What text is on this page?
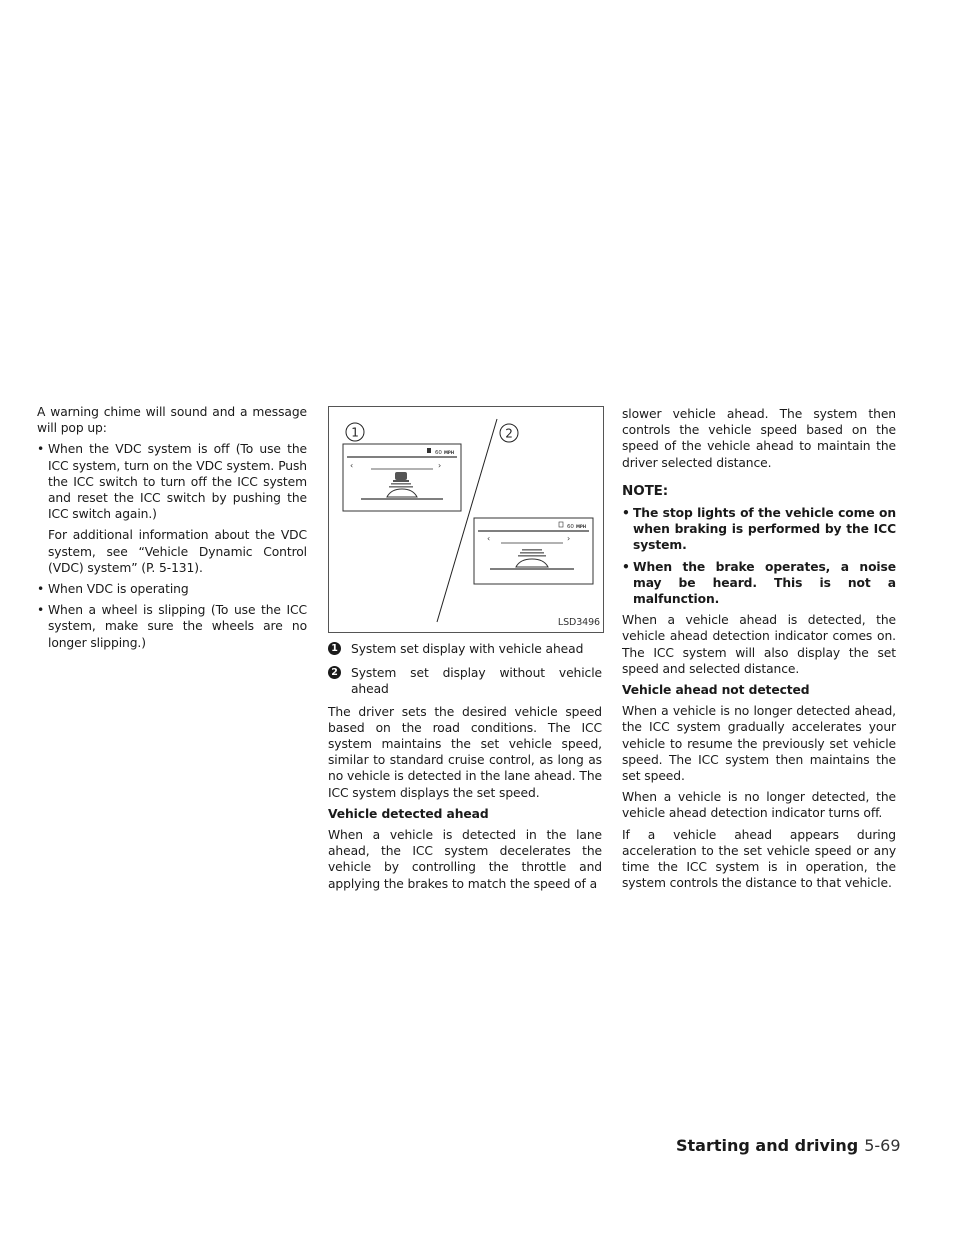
A warning chime will sound and a message will pop up:

• When the VDC system is off (To use the ICC system, turn on the VDC system. Push the ICC switch to turn off the ICC system and reset the ICC switch by pushing the ICC switch again.)
For additional information about the VDC system, see “Vehicle Dynamic Control (VDC) system” (P. 5-131).
• When VDC is operating
• When a wheel is slipping (To use the ICC system, make sure the wheels are no longer slipping.)
1	2
60 MPH
‹	›
60 MPH
‹	›
LSD3496
1 System set display with vehicle ahead
2 System set display without vehicle ahead

The driver sets the desired vehicle speed based on the road conditions. The ICC system maintains the set vehicle speed, similar to standard cruise control, as long as no vehicle is detected in the lane ahead. The ICC system displays the set speed.

Vehicle detected ahead

When a vehicle is detected in the lane ahead, the ICC system decelerates the vehicle by controlling the throttle and applying the brakes to match the speed of a

slower vehicle ahead. The system then controls the vehicle speed based on the speed of the vehicle ahead to maintain the driver selected distance.

NOTE:
• The stop lights of the vehicle come on when braking is performed by the ICC system.
• When the brake operates, a noise may be heard. This is not a malfunction.

When a vehicle ahead is detected, the vehicle ahead detection indicator comes on. The ICC system will also display the set speed and selected distance.

Vehicle ahead not detected

When a vehicle is no longer detected ahead, the ICC system gradually accelerates your vehicle to resume the previously set vehicle speed. The ICC system then maintains the set speed.

When a vehicle is no longer detected, the vehicle ahead detection indicator turns off.

If a vehicle ahead appears during acceleration to the set vehicle speed or any time the ICC system is in operation, the system controls the distance to that vehicle.

Starting and driving 5-69
